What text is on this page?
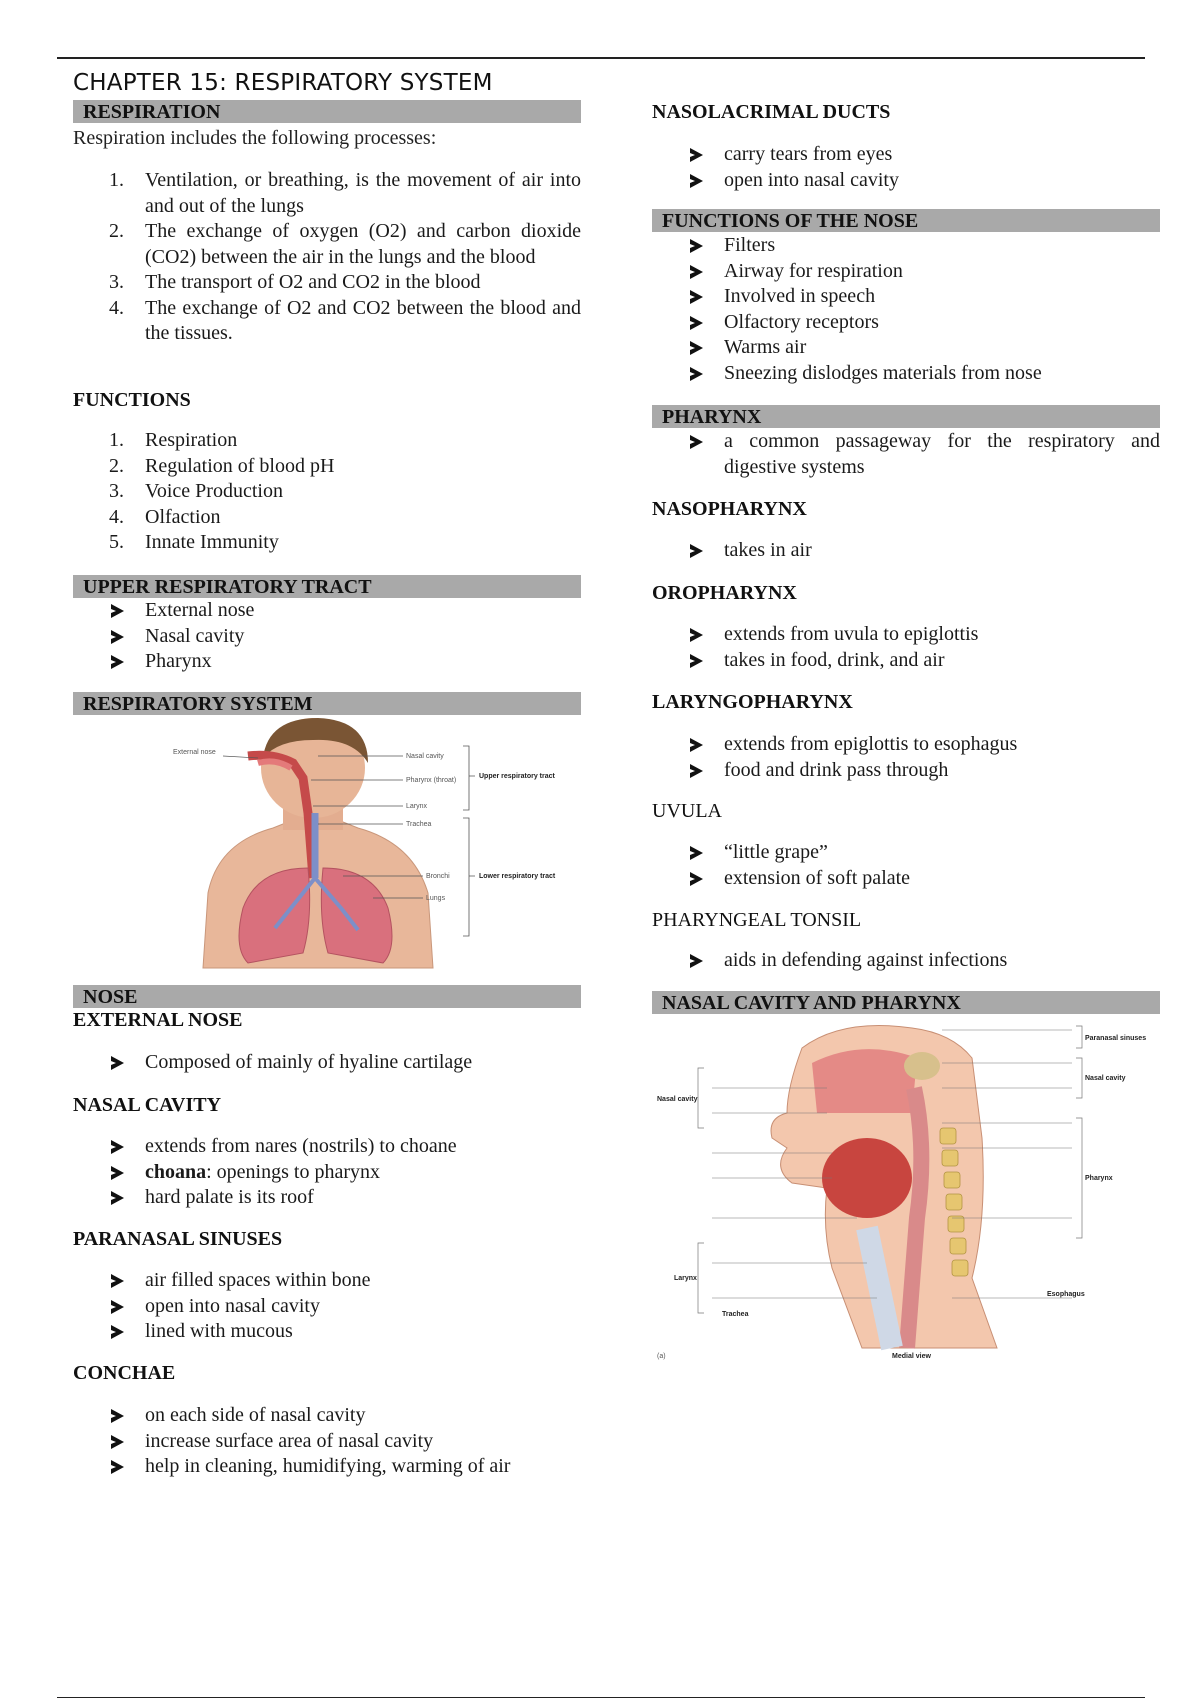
CHAPTER 15: RESPIRATORY SYSTEM
RESPIRATION
Respiration includes the following processes:
1. Ventilation, or breathing, is the movement of air into and out of the lungs
2. The exchange of oxygen (O2) and carbon dioxide (CO2) between the air in the lungs and the blood
3. The transport of O2 and CO2 in the blood
4. The exchange of O2 and CO2 between the blood and the tissues.
FUNCTIONS
1. Respiration
2. Regulation of blood pH
3. Voice Production
4. Olfaction
5. Innate Immunity
UPPER RESPIRATORY TRACT
External nose
Nasal cavity
Pharynx
RESPIRATORY SYSTEM
External nose
Nasal cavity
Pharynx (throat)
Larynx
Trachea
Bronchi
Lungs
Upper respiratory tract
Lower respiratory tract
NOSE
EXTERNAL NOSE
Composed of mainly of hyaline cartilage
NASAL CAVITY
extends from nares (nostrils) to choane
choana: openings to pharynx
hard palate is its roof
PARANASAL SINUSES
air filled spaces within bone
open into nasal cavity
lined with mucous
CONCHAE
on each side of nasal cavity
increase surface area of nasal cavity
help in cleaning, humidifying, warming of air
NASOLACRIMAL DUCTS
carry tears from eyes
open into nasal cavity
FUNCTIONS OF THE NOSE
Filters
Airway for respiration
Involved in speech
Olfactory receptors
Warms air
Sneezing dislodges materials from nose
PHARYNX
a common passageway for the respiratory and digestive systems
NASOPHARYNX
takes in air
OROPHARYNX
extends from uvula to epiglottis
takes in food, drink, and air
LARYNGOPHARYNX
extends from epiglottis to esophagus
food and drink pass through
UVULA
“little grape”
extension of soft palate
PHARYNGEAL TONSIL
aids in defending against infections
NASAL CAVITY AND PHARYNX
Nasal cavity
Larynx
Trachea
Paranasal sinuses
Nasal cavity
Pharynx
Esophagus
Medial view
(a)
